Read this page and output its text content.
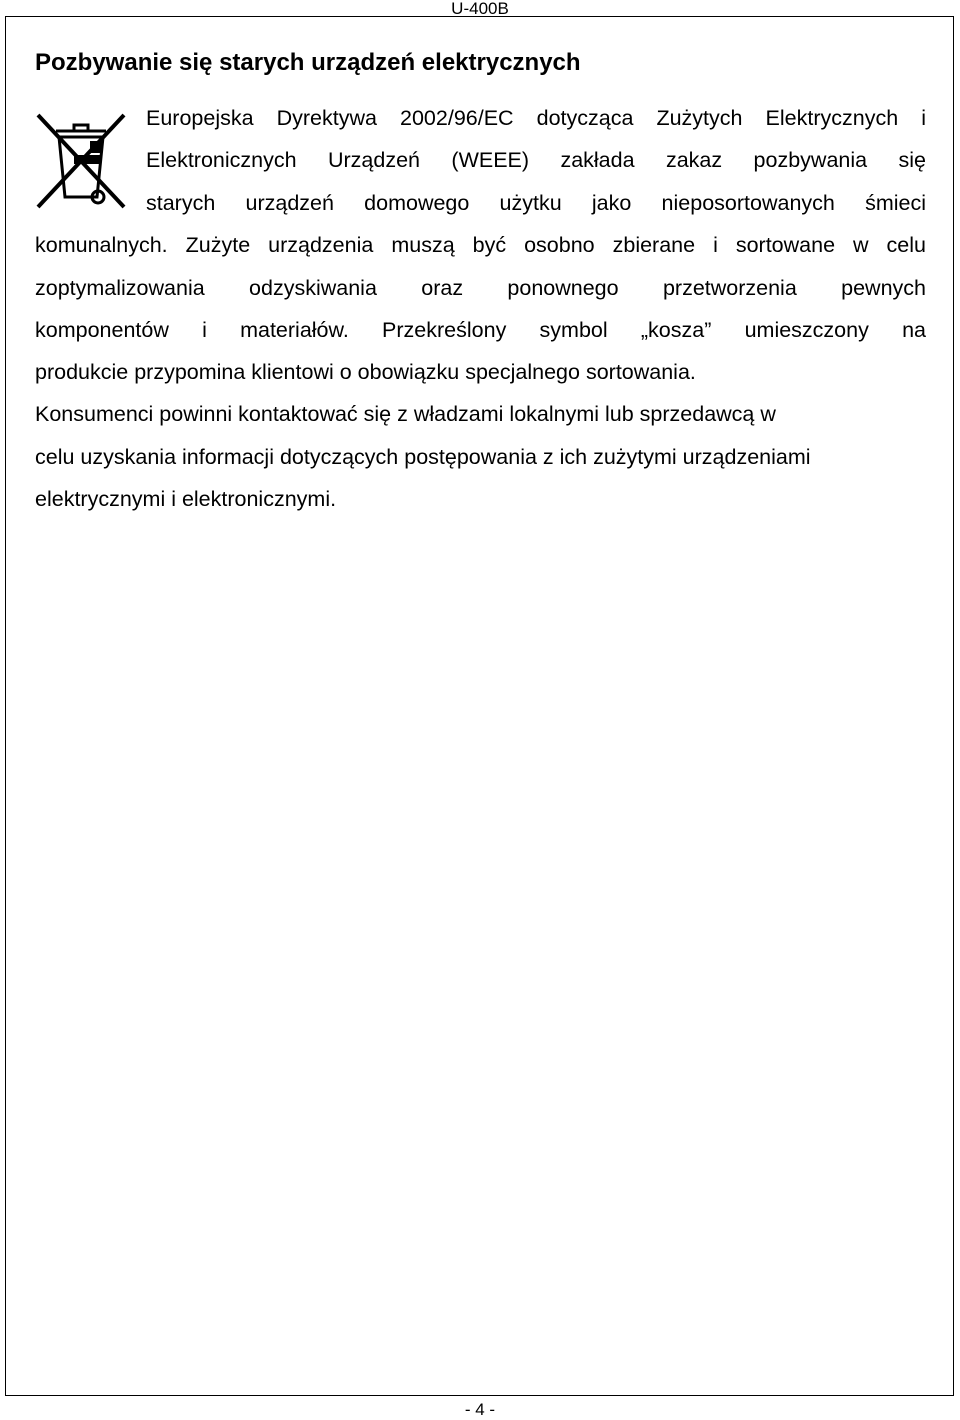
U-400B
Pozbywanie się starych urządzeń elektrycznych
Europejska Dyrektywa 2002/96/EC dotycząca Zużytych Elektrycznych i
Elektronicznych Urządzeń (WEEE) zakłada zakaz pozbywania się
starych urządzeń domowego użytku jako nieposortowanych śmieci
komunalnych. Zużyte urządzenia muszą być osobno zbierane i sortowane w celu
zoptymalizowania odzyskiwania oraz ponownego przetworzenia pewnych
komponentów i materiałów. Przekreślony symbol „kosza” umieszczony na
produkcie przypomina klientowi o obowiązku specjalnego sortowania.
Konsumenci powinni kontaktować się z władzami lokalnymi lub sprzedawcą w
celu uzyskania informacji dotyczących postępowania z ich zużytymi urządzeniami
elektrycznymi i elektronicznymi.
- 4 -
